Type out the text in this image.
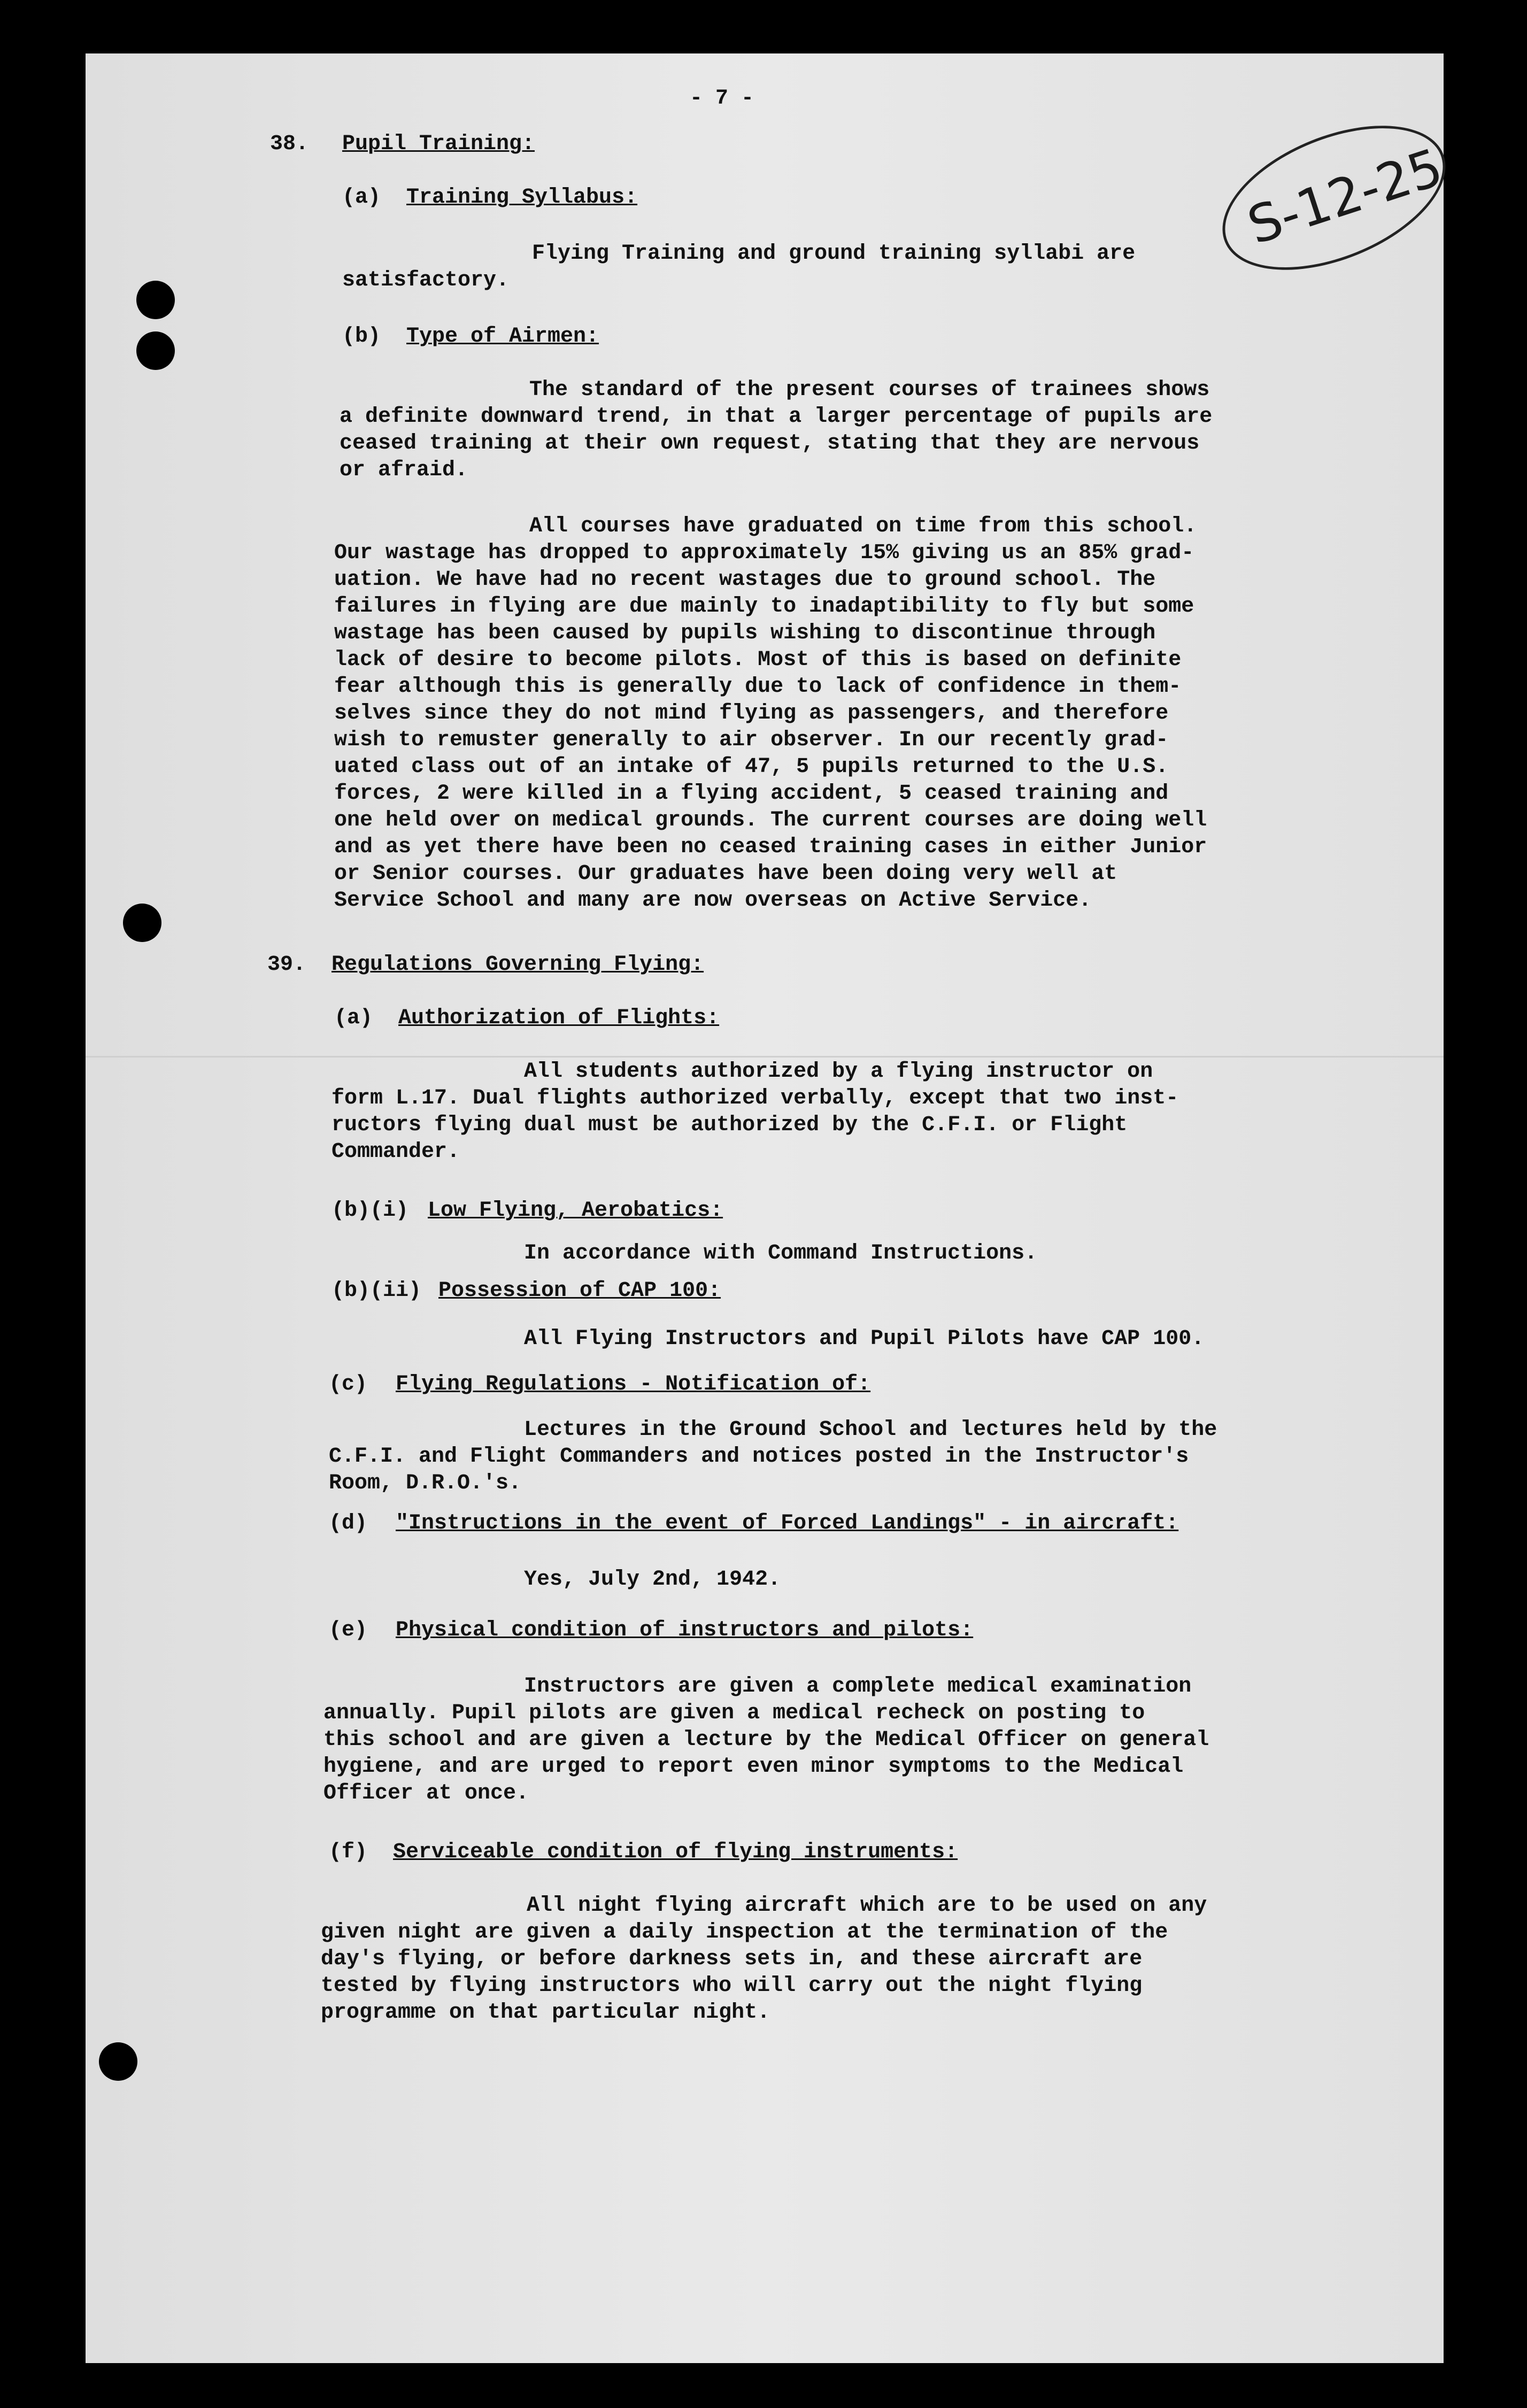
S-12-25
- 7 -
38. Pupil Training:
(a) Training Syllabus:
Flying Training and ground training syllabi are
satisfactory.
(b) Type of Airmen:
The standard of the present courses of trainees shows
a definite downward trend, in that a larger percentage of pupils are
ceased training at their own request, stating that they are nervous
or afraid.
All courses have graduated on time from this school.
Our wastage has dropped to approximately 15% giving us an 85% grad-
uation. We have had no recent wastages due to ground school. The
failures in flying are due mainly to inadaptibility to fly but some
wastage has been caused by pupils wishing to discontinue through
lack of desire to become pilots. Most of this is based on definite
fear although this is generally due to lack of confidence in them-
selves since they do not mind flying as passengers, and therefore
wish to remuster generally to air observer. In our recently grad-
uated class out of an intake of 47, 5 pupils returned to the U.S.
forces, 2 were killed in a flying accident, 5 ceased training and
one held over on medical grounds. The current courses are doing well
and as yet there have been no ceased training cases in either Junior
or Senior courses. Our graduates have been doing very well at
Service School and many are now overseas on Active Service.
39. Regulations Governing Flying:
(a) Authorization of Flights:
All students authorized by a flying instructor on
form L.17. Dual flights authorized verbally, except that two inst-
ructors flying dual must be authorized by the C.F.I. or Flight
Commander.
(b)(i) Low Flying, Aerobatics:
In accordance with Command Instructions.
(b)(ii) Possession of CAP 100:
All Flying Instructors and Pupil Pilots have CAP 100.
(c) Flying Regulations - Notification of:
Lectures in the Ground School and lectures held by the
C.F.I. and Flight Commanders and notices posted in the Instructor's
Room, D.R.O.'s.
(d) "Instructions in the event of Forced Landings" - in aircraft:
Yes, July 2nd, 1942.
(e) Physical condition of instructors and pilots:
Instructors are given a complete medical examination
annually. Pupil pilots are given a medical recheck on posting to
this school and are given a lecture by the Medical Officer on general
hygiene, and are urged to report even minor symptoms to the Medical
Officer at once.
(f) Serviceable condition of flying instruments:
All night flying aircraft which are to be used on any
given night are given a daily inspection at the termination of the
day's flying, or before darkness sets in, and these aircraft are
tested by flying instructors who will carry out the night flying
programme on that particular night.
